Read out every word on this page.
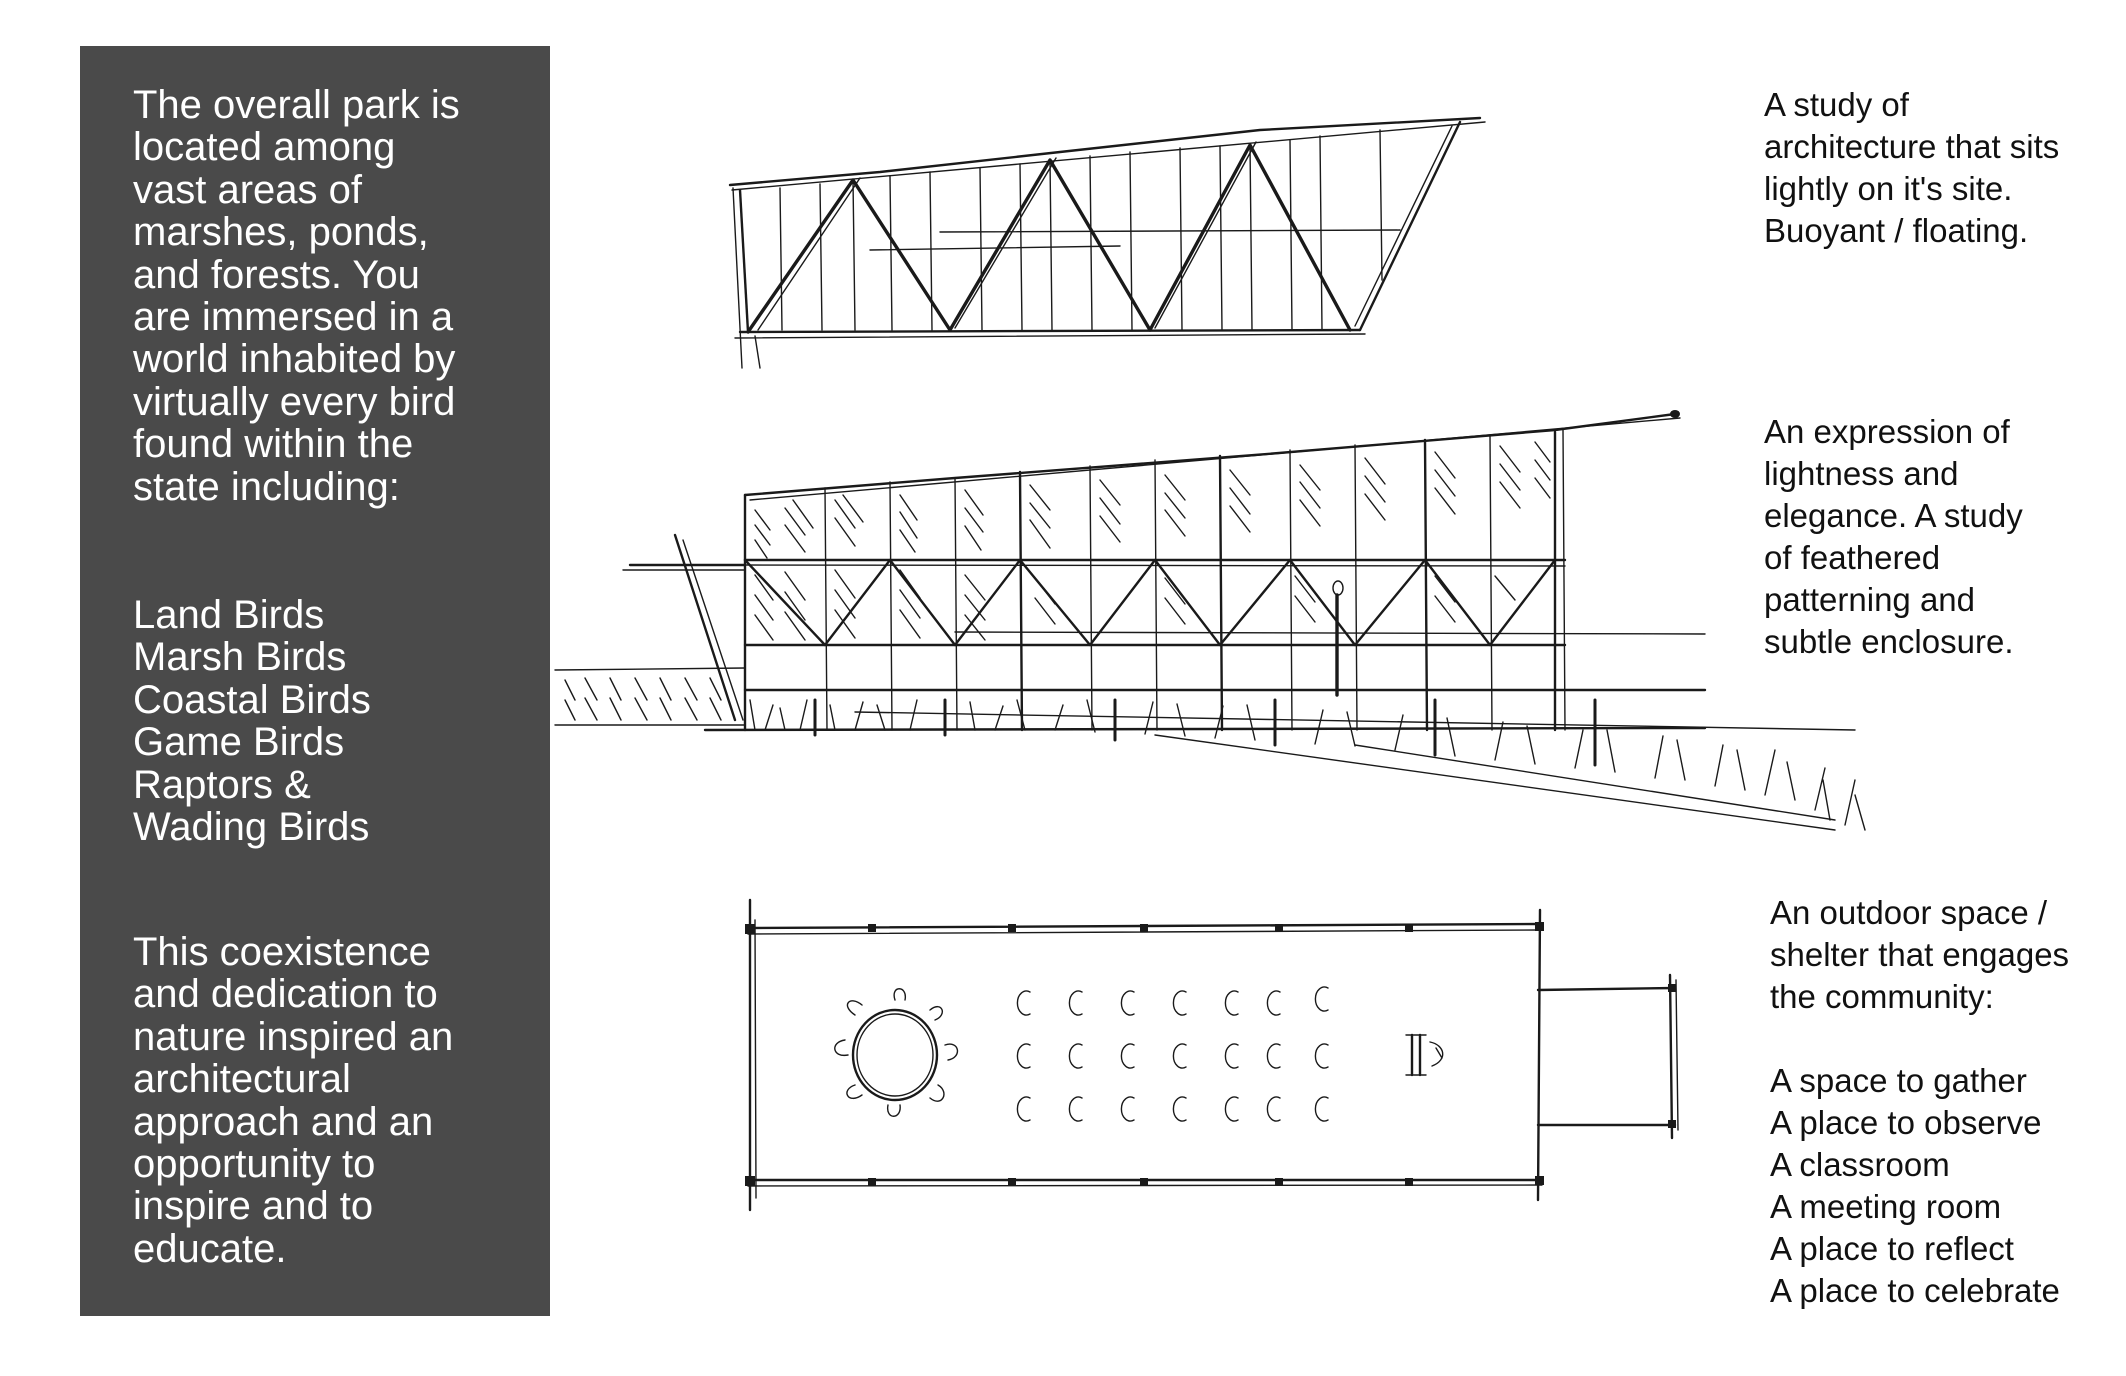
The overall park is
located among
vast areas of
marshes, ponds,
and forests. You
are immersed in a
world inhabited by
virtually every bird
found within the
state including:

Land Birds
Marsh Birds
Coastal Birds
Game Birds
Raptors &
Wading Birds

This coexistence
and dedication to
nature inspired an
architectural
approach and an
opportunity to
inspire and to
educate.

A study of
architecture that sits
lightly on it's site.
Buoyant / floating.

An expression of
lightness and
elegance. A study
of feathered
patterning and
subtle enclosure.

An outdoor space /
shelter that engages
the community:

A space to gather
A place to observe
A classroom
A meeting room
A place to reflect
A place to celebrate
